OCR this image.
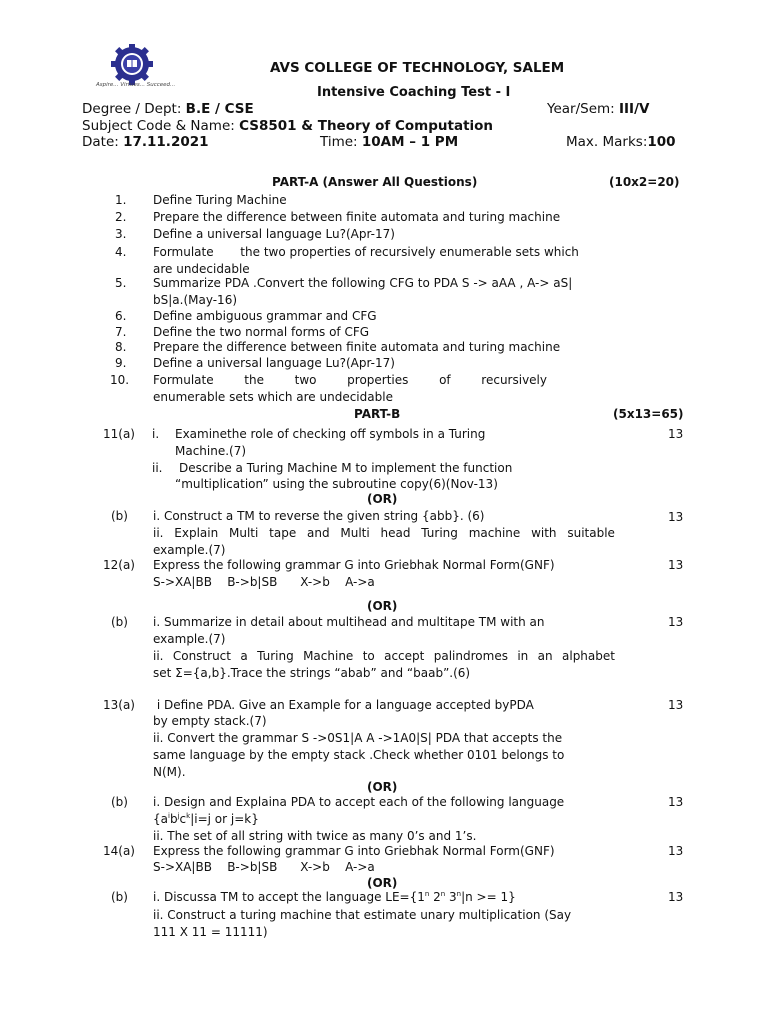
Aspire... Virtues... Succeed...
AVS COLLEGE OF TECHNOLOGY, SALEM
Intensive Coaching Test - I
Degree / Dept: B.E / CSE	Year/Sem: III/V
Subject Code & Name: CS8501 & Theory of Computation
Date: 17.11.2021	Time: 10AM – 1 PM	Max. Marks:100
PART-A (Answer All Questions)	(10x2=20)
1. Define Turing Machine
2. Prepare the difference between finite automata and turing machine
3. Define a universal language Lu?(Apr-17)
4. Formulate       the two properties of recursively enumerable sets which
are undecidable
5. Summarize PDA .Convert the following CFG to PDA S -> aAA , A-> aS|
bS|a.(May-16)
6. Define ambiguous grammar and CFG
7. Define the two normal forms of CFG
8. Prepare the difference between finite automata and turing machine
9. Define a universal language Lu?(Apr-17)
10. Formulate	the	two	properties	of	recursively
enumerable sets which are undecidable
PART-B	(5x13=65)
11(a) i. Examinethe role of checking off symbols in a Turing
Machine.(7)
13
ii. Describe a Turing Machine M to implement the function
“multiplication” using the subroutine copy(6)(Nov-13)
(OR)
(b) i. Construct a TM to reverse the given string {abb}. (6)	13
ii. Explain Multi tape and Multi head Turing machine with suitable
example.(7)
12(a) Express the following grammar G into Griebhak Normal Form(GNF)	13
S->XA|BB    B->b|SB      X->b    A->a
(OR)
(b) i. Summarize in detail about multihead and multitape TM with an	13
example.(7)
ii. Construct a Turing Machine to accept palindromes in an alphabet
set Σ={a,b}.Trace the strings “abab” and “baab”.(6)
13(a) i Define PDA. Give an Example for a language accepted byPDA	13
by empty stack.(7)
ii. Convert the grammar S ->0S1|A A ->1A0|S| PDA that accepts the
same language by the empty stack .Check whether 0101 belongs to
N(M).
(OR)
(b) i. Design and Explaina PDA to accept each of the following language	13
{$a^ib^jc^k|i=j$ or j=k}
ii. The set of all string with twice as many 0’s and 1’s.
14(a) Express the following grammar G into Griebhak Normal Form(GNF)	13
S->XA|BB    B->b|SB      X->b    A->a
(OR)
(b) i. Discussa TM to accept the language $LE=\{1^n$ 2$^n$ $3^n|n >= 1$}	13
ii. Construct a turing machine that estimate unary multiplication (Say
111 X 11 = 11111)
